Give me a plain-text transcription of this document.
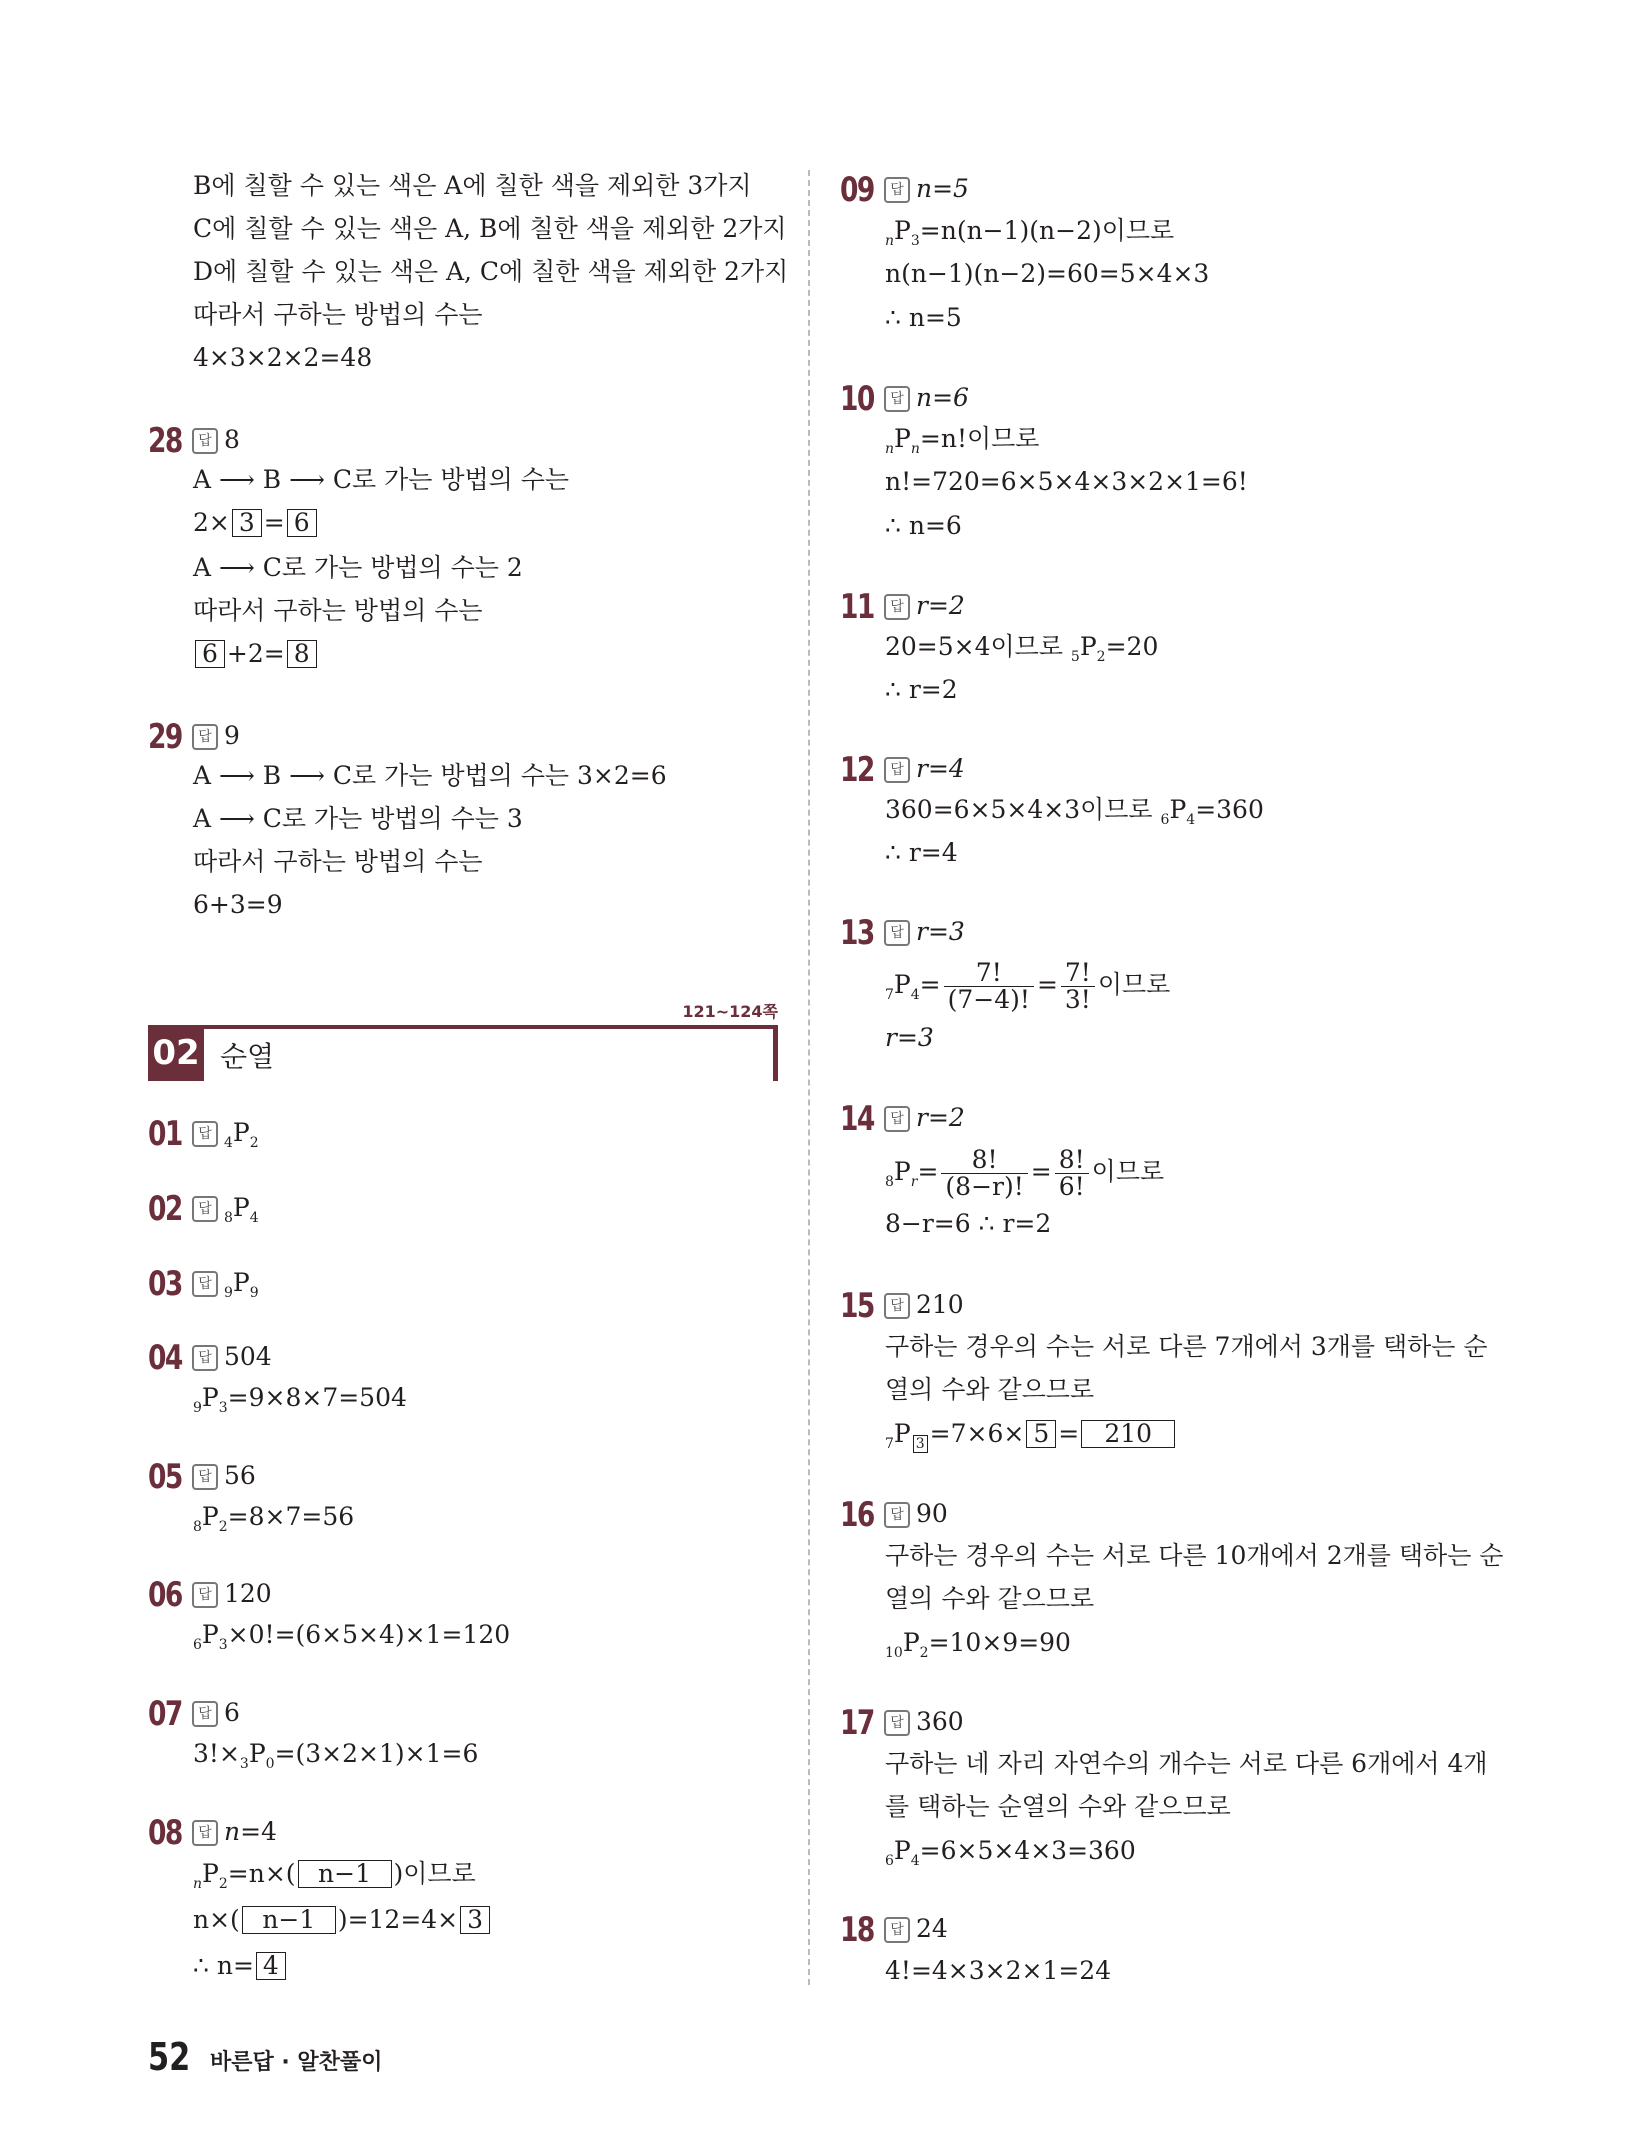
B에 칠할 수 있는 색은 A에 칠한 색을 제외한 3가지
C에 칠할 수 있는 색은 A, B에 칠한 색을 제외한 2가지
D에 칠할 수 있는 색은 A, C에 칠한 색을 제외한 2가지
따라서 구하는 방법의 수는
4×3×2×2=48
28	답 8
A ⟶ B ⟶ C로 가는 방법의 수는
2× 3 = 6
A ⟶ C로 가는 방법의 수는 2
따라서 구하는 방법의 수는
6 +2= 8
29	답 9
A ⟶ B ⟶ C로 가는 방법의 수는 3×2=6
A ⟶ C로 가는 방법의 수는 3
따라서 구하는 방법의 수는
6+3=9
121~124쪽
02 순열
01	답
$_4P_2$
02	답
$_8P_4$
03	답
$_9P_9$
04	답 504
$_9P_3=9\times 8\times 7=504$
05	답 56
$_8P_2=8\times 7=56$
06	답 120
$_6P_3\times 0!=(6\times 5\times 4)\times 1=120$
07	답 6
$3!\times_3P_0=(3\times 2\times 1)\times 1=6$
08	답 n=4
$_nP_2=n\times$( n−1 )이므로
n×( n−1 )=12=4× 3
∴ n= 4
09	답 n=5
$_nP_3=n(n-1)(n-2)$이므로
n(n−1)(n−2)=60=5×4×3
∴ n=5
10	답 n=6
$_nP_n=n$!이므로
n!=720=6×5×4×3×2×1=6!
∴ n=6
11	답 r=2
20=5×4이므로 $_5P_2=20$
∴ r=2
12	답 r=4
360=6×5×4×3이므로 $_6P_4=360$
∴ r=4
13	답 r=3
$_7P_4= \frac{7!}{(7-4)!} = \frac{7!}{3!}$ 이므로
r=3
14	답 r=2
$_8P_r= \frac{8!}{(8-r)!} = \frac{8!}{6!}$ 이므로
8−r=6 ∴ r=2
15	답 210
구하는 경우의 수는 서로 다른 7개에서 3개를 택하는 순
열의 수와 같으므로
$_7$P $_3$ =7×6× 5 = 210
16	답 90
구하는 경우의 수는 서로 다른 10개에서 2개를 택하는 순
열의 수와 같으므로
$_{10}P_2=10\times 9=90$
17	답 360
구하는 네 자리 자연수의 개수는 서로 다른 6개에서 4개
를 택하는 순열의 수와 같으므로
$_6P_4=6\times 5\times 4\times 3=360$
18	답 24
4!=4×3×2×1=24
52 바른답 · 알찬풀이
